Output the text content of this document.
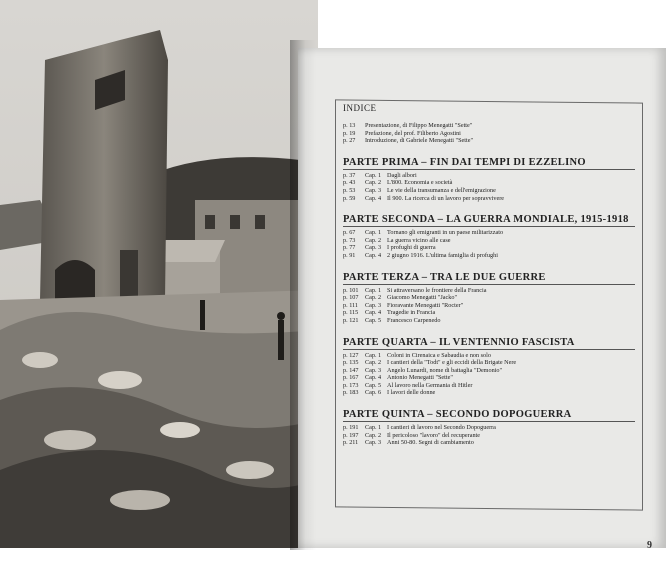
INDICE
p. 13	Presentazione, di Filippo Menegatti "Sette"
p. 19	Prefazione, del prof. Filiberto Agostini
p. 27	Introduzione, di Gabriele Menegatti "Sette"
PARTE PRIMA – FIN DAI TEMPI DI EZZELINO
p. 37	Cap. 1 Dagli albori
p. 43	Cap. 2 L'800. Economia e società
p. 53	Cap. 3 Le vie della transumanza e dell'emigrazione
p. 59	Cap. 4 Il 900. La ricerca di un lavoro per sopravvivere
PARTE SECONDA – LA GUERRA MONDIALE, 1915-1918
p. 67	Cap. 1 Tornano gli emigranti in un paese militarizzato
p. 73	Cap. 2 La guerra vicino alle case
p. 77	Cap. 3 I profughi di guerra
p. 91	Cap. 4 2 giugno 1916. L'ultima famiglia di profughi
PARTE TERZA – TRA LE DUE GUERRE
p. 101	Cap. 1 Si attraversano le frontiere della Francia
p. 107	Cap. 2 Giacomo Menegatti "Jacko"
p. 111	Cap. 3 Fioravante Menegatti "Rocter"
p. 115	Cap. 4 Tragedie in Francia
p. 121	Cap. 5 Francesco Carpenedo
PARTE QUARTA – IL VENTENNIO FASCISTA
p. 127	Cap. 1 Coloni in Cirenaica e Sabaudia e non solo
p. 135	Cap. 2 I cantieri della "Todt" e gli eccidi della Brigate Nere
p. 147	Cap. 3 Angelo Lunardi, nome di battaglia "Demonio"
p. 167	Cap. 4 Antonio Menegatti "Sette"
p. 173	Cap. 5 Al lavoro nella Germania di Hitler
p. 183	Cap. 6 I lavori delle donne
PARTE QUINTA – SECONDO DOPOGUERRA
p. 191	Cap. 1 I cantieri di lavoro nel Secondo Dopoguerra
p. 197	Cap. 2 Il pericoloso "lavoro" del recuperante
p. 211	Cap. 3 Anni 50-80. Segni di cambiamento
9
